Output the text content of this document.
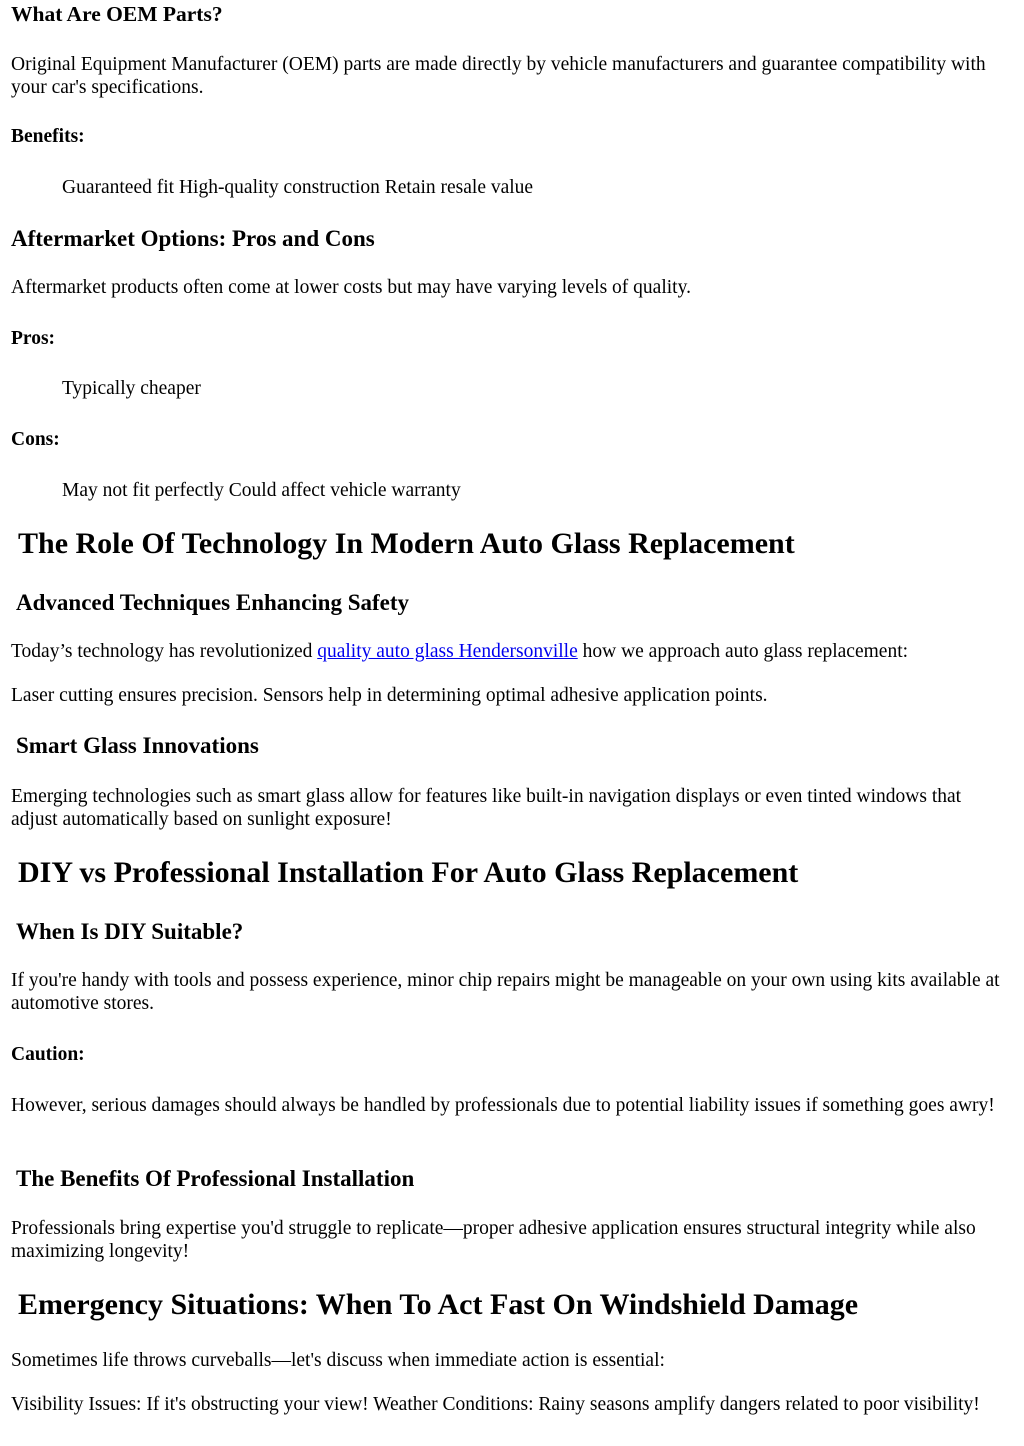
What Are OEM Parts?
Original Equipment Manufacturer (OEM) parts are made directly by vehicle manufacturers and guarantee compatibility with your car's specifications.
Benefits:
Guaranteed fit High-quality construction Retain resale value
Aftermarket Options: Pros and Cons
Aftermarket products often come at lower costs but may have varying levels of quality.
Pros:
Typically cheaper
Cons:
May not fit perfectly Could affect vehicle warranty
The Role Of Technology In Modern Auto Glass Replacement
Advanced Techniques Enhancing Safety
Today’s technology has revolutionized quality auto glass Hendersonville how we approach auto glass replacement:
Laser cutting ensures precision. Sensors help in determining optimal adhesive application points.
Smart Glass Innovations
Emerging technologies such as smart glass allow for features like built-in navigation displays or even tinted windows that adjust automatically based on sunlight exposure!
DIY vs Professional Installation For Auto Glass Replacement
When Is DIY Suitable?
If you're handy with tools and possess experience, minor chip repairs might be manageable on your own using kits available at automotive stores.
Caution:
However, serious damages should always be handled by professionals due to potential liability issues if something goes awry!
The Benefits Of Professional Installation
Professionals bring expertise you'd struggle to replicate—proper adhesive application ensures structural integrity while also maximizing longevity!
Emergency Situations: When To Act Fast On Windshield Damage
Sometimes life throws curveballs—let's discuss when immediate action is essential:
Visibility Issues: If it's obstructing your view! Weather Conditions: Rainy seasons amplify dangers related to poor visibility!
